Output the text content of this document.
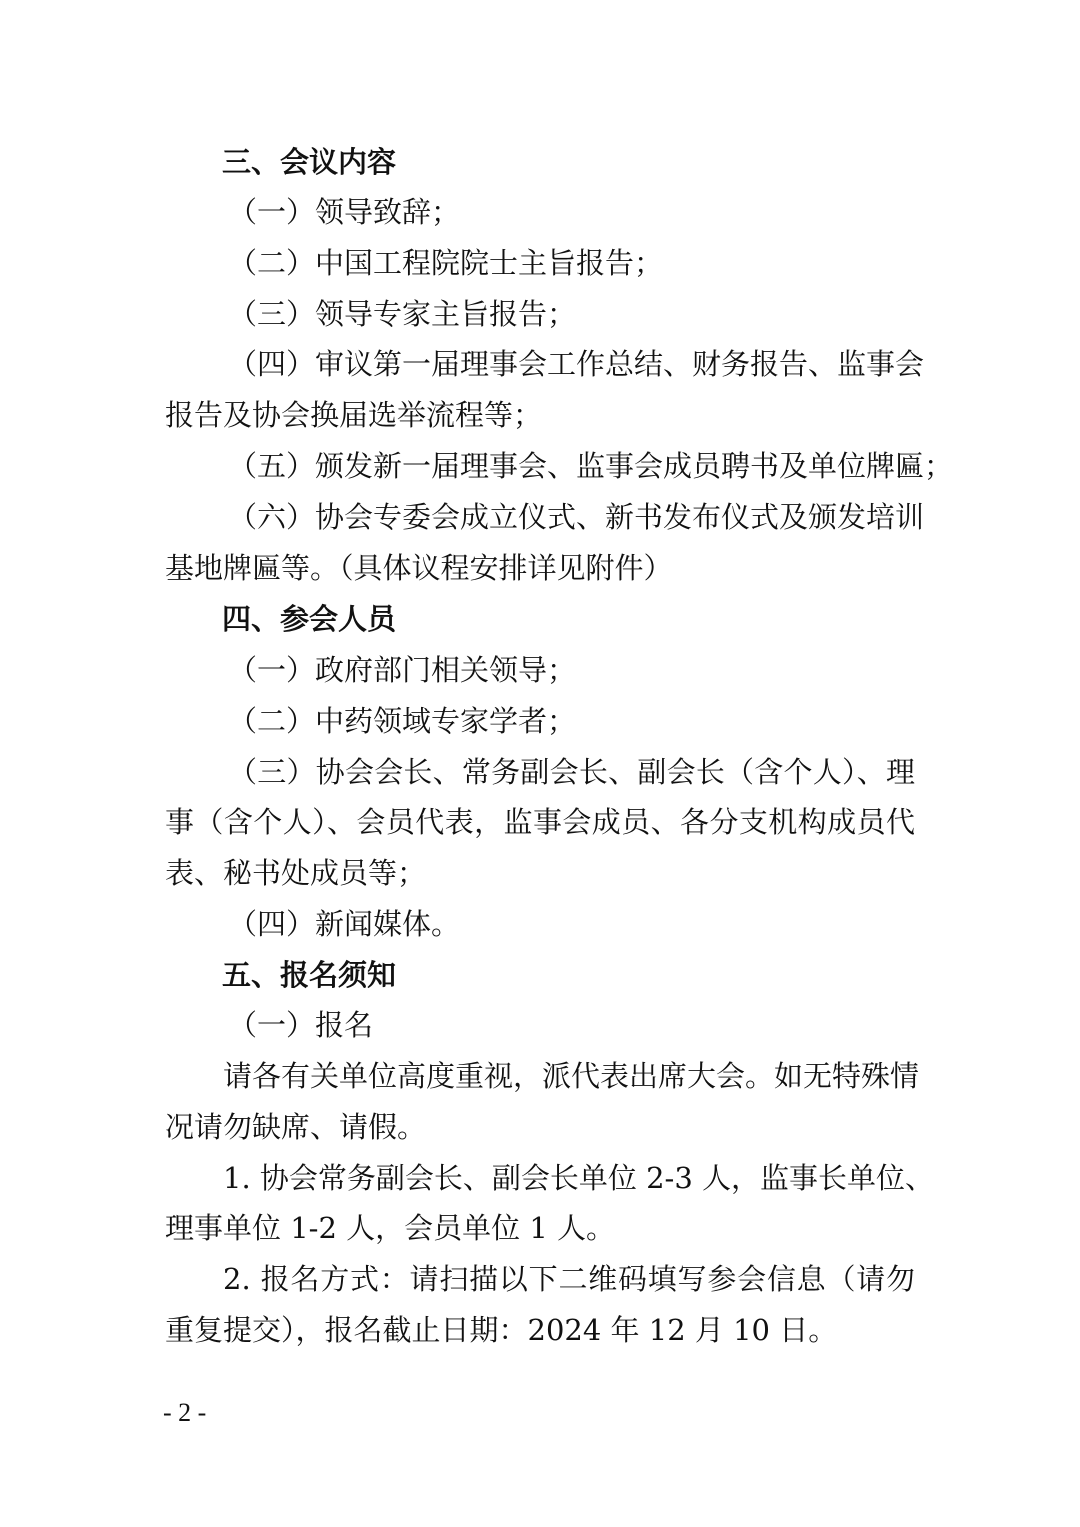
三、会议内容
（一）领导致辞；
（二）中国工程院院士主旨报告；
（三）领导专家主旨报告；
（四）审议第一届理事会工作总结、财务报告、监事会
报告及协会换届选举流程等；
（五）颁发新一届理事会、监事会成员聘书及单位牌匾；
（六）协会专委会成立仪式、新书发布仪式及颁发培训
基地牌匾等。（具体议程安排详见附件）
四、参会人员
（一）政府部门相关领导；
（二）中药领域专家学者；
（三）协会会长、常务副会长、副会长（含个人）、理
事（含个人）、会员代表，监事会成员、各分支机构成员代
表、秘书处成员等；
（四）新闻媒体。
五、报名须知
（一）报名
请各有关单位高度重视，派代表出席大会。如无特殊情
况请勿缺席、请假。
1. 协会常务副会长、副会长单位 2-3 人，监事长单位、
理事单位 1-2 人，会员单位 1 人。
2. 报名方式：请扫描以下二维码填写参会信息（请勿
重复提交），报名截止日期：2024 年 12 月 10 日。
- 2 -
